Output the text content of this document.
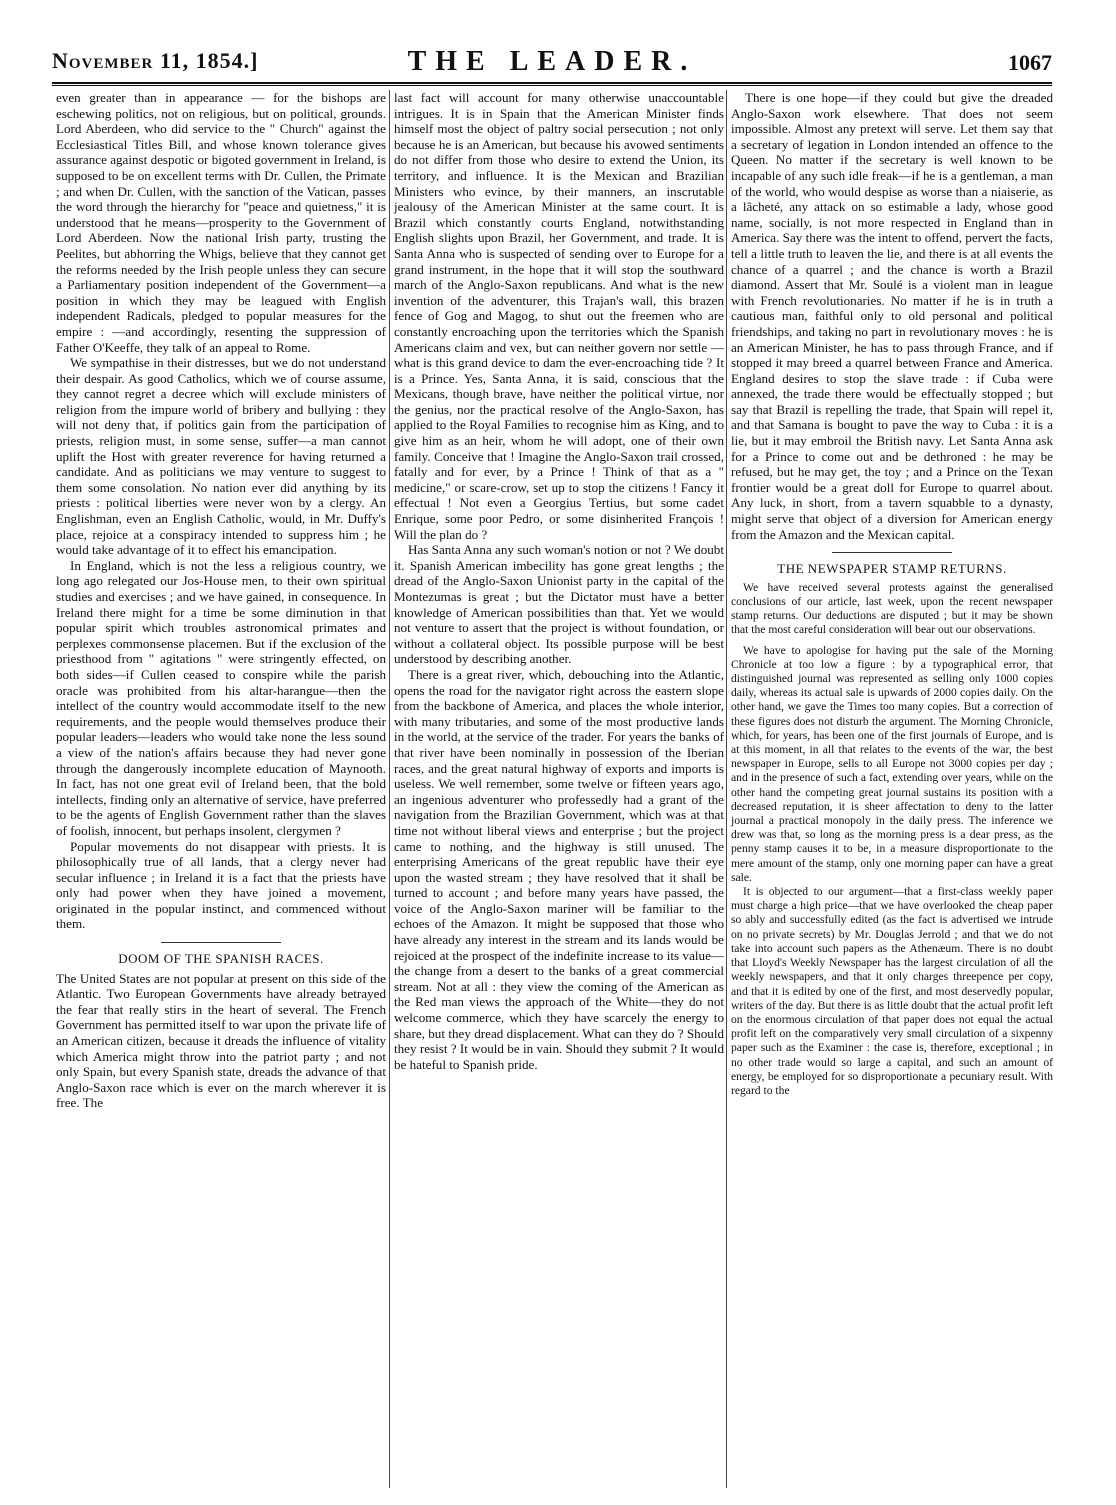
November 11, 1854.]	THE LEADER.	1067

even greater than in appearance — for the bishops are eschewing politics, not on religious, but on political, grounds. Lord Aberdeen, who did service to the " Church" against the Ecclesiastical Titles Bill, and whose known tolerance gives assurance against despotic or bigoted government in Ireland, is supposed to be on excellent terms with Dr. Cullen, the Primate ; and when Dr. Cullen, with the sanction of the Vatican, passes the word through the hierarchy for "peace and quietness," it is understood that he means—prosperity to the Government of Lord Aberdeen. Now the national Irish party, trusting the Peelites, but abhorring the Whigs, believe that they cannot get the reforms needed by the Irish people unless they can secure a Parliamentary position independent of the Government—a position in which they may be leagued with English independent Radicals, pledged to popular measures for the empire : —and accordingly, resenting the suppression of Father O'Keeffe, they talk of an appeal to Rome.

We sympathise in their distresses, but we do not understand their despair. As good Catholics, which we of course assume, they cannot regret a decree which will exclude ministers of religion from the impure world of bribery and bullying : they will not deny that, if politics gain from the participation of priests, religion must, in some sense, suffer—a man cannot uplift the Host with greater reverence for having returned a candidate. And as politicians we may venture to suggest to them some consolation. No nation ever did anything by its priests : political liberties were never won by a clergy. An Englishman, even an English Catholic, would, in Mr. Duffy's place, rejoice at a conspiracy intended to suppress him ; he would take advantage of it to effect his emancipation.

In England, which is not the less a religious country, we long ago relegated our Jos-House men, to their own spiritual studies and exercises ; and we have gained, in consequence. In Ireland there might for a time be some diminution in that popular spirit which troubles astronomical primates and perplexes commonsense placemen. But if the exclusion of the priesthood from " agitations " were stringently effected, on both sides—if Cullen ceased to conspire while the parish oracle was prohibited from his altar-harangue—then the intellect of the country would accommodate itself to the new requirements, and the people would themselves produce their popular leaders—leaders who would take none the less sound a view of the nation's affairs because they had never gone through the dangerously incomplete education of Maynooth. In fact, has not one great evil of Ireland been, that the bold intellects, finding only an alternative of service, have preferred to be the agents of English Government rather than the slaves of foolish, innocent, but perhaps insolent, clergymen ?

Popular movements do not disappear with priests. It is philosophically true of all lands, that a clergy never had secular influence ; in Ireland it is a fact that the priests have only had power when they have joined a movement, originated in the popular instinct, and commenced without them.

DOOM OF THE SPANISH RACES.

The United States are not popular at present on this side of the Atlantic. Two European Governments have already betrayed the fear that really stirs in the heart of several. The French Government has permitted itself to war upon the private life of an American citizen, because it dreads the influence of vitality which America might throw into the patriot party ; and not only Spain, but every Spanish state, dreads the advance of that Anglo-Saxon race which is ever on the march wherever it is free. The

last fact will account for many otherwise unaccountable intrigues. It is in Spain that the American Minister finds himself most the object of paltry social persecution ; not only because he is an American, but because his avowed sentiments do not differ from those who desire to extend the Union, its territory, and influence. It is the Mexican and Brazilian Ministers who evince, by their manners, an inscrutable jealousy of the American Minister at the same court. It is Brazil which constantly courts England, notwithstanding English slights upon Brazil, her Government, and trade. It is Santa Anna who is suspected of sending over to Europe for a grand instrument, in the hope that it will stop the southward march of the Anglo-Saxon republicans. And what is the new invention of the adventurer, this Trajan's wall, this brazen fence of Gog and Magog, to shut out the freemen who are constantly encroaching upon the territories which the Spanish Americans claim and vex, but can neither govern nor settle —what is this grand device to dam the ever-encroaching tide ? It is a Prince. Yes, Santa Anna, it is said, conscious that the Mexicans, though brave, have neither the political virtue, nor the genius, nor the practical resolve of the Anglo-Saxon, has applied to the Royal Families to recognise him as King, and to give him as an heir, whom he will adopt, one of their own family. Conceive that ! Imagine the Anglo-Saxon trail crossed, fatally and for ever, by a Prince ! Think of that as a " medicine," or scare-crow, set up to stop the citizens ! Fancy it effectual ! Not even a Georgius Tertius, but some cadet Enrique, some poor Pedro, or some disinherited François ! Will the plan do ?

Has Santa Anna any such woman's notion or not ? We doubt it. Spanish American imbecility has gone great lengths ; the dread of the Anglo-Saxon Unionist party in the capital of the Montezumas is great ; but the Dictator must have a better knowledge of American possibilities than that. Yet we would not venture to assert that the project is without foundation, or without a collateral object. Its possible purpose will be best understood by describing another.

There is a great river, which, debouching into the Atlantic, opens the road for the navigator right across the eastern slope from the backbone of America, and places the whole interior, with many tributaries, and some of the most productive lands in the world, at the service of the trader. For years the banks of that river have been nominally in possession of the Iberian races, and the great natural highway of exports and imports is useless. We well remember, some twelve or fifteen years ago, an ingenious adventurer who professedly had a grant of the navigation from the Brazilian Government, which was at that time not without liberal views and enterprise ; but the project came to nothing, and the highway is still unused. The enterprising Americans of the great republic have their eye upon the wasted stream ; they have resolved that it shall be turned to account ; and before many years have passed, the voice of the Anglo-Saxon mariner will be familiar to the echoes of the Amazon. It might be supposed that those who have already any interest in the stream and its lands would be rejoiced at the prospect of the indefinite increase to its value—the change from a desert to the banks of a great commercial stream. Not at all : they view the coming of the American as the Red man views the approach of the White—they do not welcome commerce, which they have scarcely the energy to share, but they dread displacement. What can they do ? Should they resist ? It would be in vain. Should they submit ? It would be hateful to Spanish pride.

There is one hope—if they could but give the dreaded Anglo-Saxon work elsewhere. That does not seem impossible. Almost any pretext will serve. Let them say that a secretary of legation in London intended an offence to the Queen. No matter if the secretary is well known to be incapable of any such idle freak—if he is a gentleman, a man of the world, who would despise as worse than a niaiserie, as a lâcheté, any attack on so estimable a lady, whose good name, socially, is not more respected in England than in America. Say there was the intent to offend, pervert the facts, tell a little truth to leaven the lie, and there is at all events the chance of a quarrel ; and the chance is worth a Brazil diamond. Assert that Mr. Soulé is a violent man in league with French revolutionaries. No matter if he is in truth a cautious man, faithful only to old personal and political friendships, and taking no part in revolutionary moves : he is an American Minister, he has to pass through France, and if stopped it may breed a quarrel between France and America. England desires to stop the slave trade : if Cuba were annexed, the trade there would be effectually stopped ; but say that Brazil is repelling the trade, that Spain will repel it, and that Samana is bought to pave the way to Cuba : it is a lie, but it may embroil the British navy. Let Santa Anna ask for a Prince to come out and be dethroned : he may be refused, but he may get, the toy ; and a Prince on the Texan frontier would be a great doll for Europe to quarrel about. Any luck, in short, from a tavern squabble to a dynasty, might serve that object of a diversion for American energy from the Amazon and the Mexican capital.

THE NEWSPAPER STAMP RETURNS.

We have received several protests against the generalised conclusions of our article, last week, upon the recent newspaper stamp returns. Our deductions are disputed ; but it may be shown that the most careful consideration will bear out our observations.

We have to apologise for having put the sale of the Morning Chronicle at too low a figure : by a typographical error, that distinguished journal was represented as selling only 1000 copies daily, whereas its actual sale is upwards of 2000 copies daily. On the other hand, we gave the Times too many copies. But a correction of these figures does not disturb the argument. The Morning Chronicle, which, for years, has been one of the first journals of Europe, and is at this moment, in all that relates to the events of the war, the best newspaper in Europe, sells to all Europe not 3000 copies per day ; and in the presence of such a fact, extending over years, while on the other hand the competing great journal sustains its position with a decreased reputation, it is sheer affectation to deny to the latter journal a practical monopoly in the daily press. The inference we drew was that, so long as the morning press is a dear press, as the penny stamp causes it to be, in a measure disproportionate to the mere amount of the stamp, only one morning paper can have a great sale.

It is objected to our argument—that a first-class weekly paper must charge a high price—that we have overlooked the cheap paper so ably and successfully edited (as the fact is advertised we intrude on no private secrets) by Mr. Douglas Jerrold ; and that we do not take into account such papers as the Athenæum. There is no doubt that Lloyd's Weekly Newspaper has the largest circulation of all the weekly newspapers, and that it only charges threepence per copy, and that it is edited by one of the first, and most deservedly popular, writers of the day. But there is as little doubt that the actual profit left on the enormous circulation of that paper does not equal the actual profit left on the comparatively very small circulation of a sixpenny paper such as the Examiner : the case is, therefore, exceptional ; in no other trade would so large a capital, and such an amount of energy, be employed for so disproportionate a pecuniary result. With regard to the
